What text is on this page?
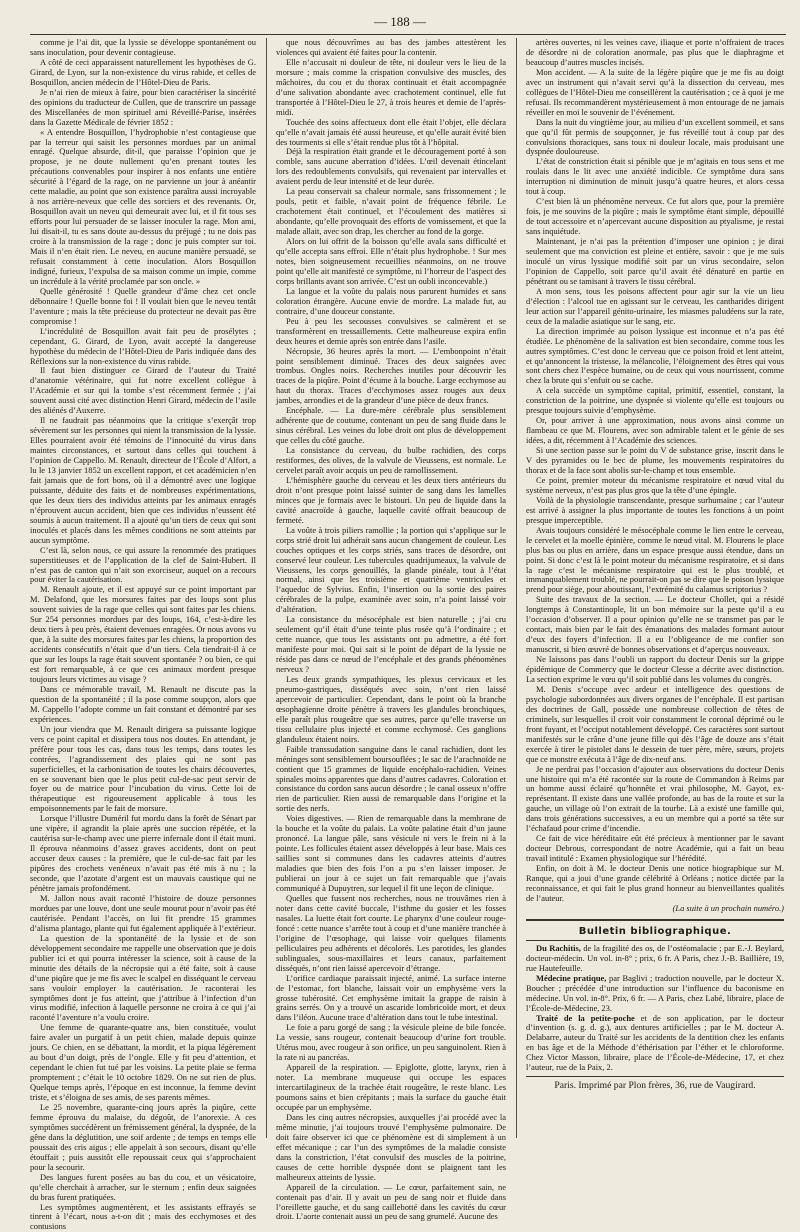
— 188 —

comme je l’ai dit, que la lyssie se développe spontanément ou sans inoculation, pour devenir contagieuse.

A côté de ceci apparaissent naturellement les hypothèses de G. Girard, de Lyon, sur la non-existence du virus rabide, et celles de Bosquillon, ancien médecin de l’Hôtel-Dieu de Paris.

Je n’ai rien de mieux à faire, pour bien caractériser la sincérité des opinions du traducteur de Cullen, que de transcrire un passage des Miscellanées de mon spirituel ami Réveillé-Parise, insérées dans la Gazette Médicale de février 1852 :

« A entendre Bosquillon, l’hydrophobie n’est contagieuse que par la terreur qui saisit les personnes mordues par un animal enragé. Quelque absurde, dit-il, que paraisse l’opinion que je propose, je ne doute nullement qu’en prenant toutes les précautions convenables pour inspirer à nos enfants une entière sécurité à l’égard de la rage, on ne parvienne un jour à anéantir cette maladie, au point que son existence paraîtra aussi incroyable à nos arrière-neveux que celle des sorciers et des revenants. Or, Bosquillon avait un neveu qui demeurait avec lui, et il fit tous ses efforts pour lui persuader de se laisser inoculer la rage. Mon ami, lui disait-il, tu es sans doute au-dessus du préjugé ; tu ne dois pas croire à la transmission de la rage ; donc je puis compter sur toi. Mais il n’en était rien. Le neveu, en aucune manière persuadé, se refusait constamment à cette inoculation. Alors Bosquillon indigné, furieux, l’expulsa de sa maison comme un impie, comme un incrédule à la vérité proclamée par son oncle. »

Quelle générosité ! Quelle grandeur d’âme chez cet oncle débonnaire ! Quelle bonne foi ! Il voulait bien que le neveu tentât l’aventure ; mais la tête précieuse du protecteur ne devait pas être compromise !

L’incrédulité de Bosquillon avait fait peu de prosélytes ; cependant, G. Girard, de Lyon, avait accepté la dangereuse hypothèse du médecin de l’Hôtel-Dieu de Paris indiquée dans des Réflexions sur la non-existence du virus rabide.

Il faut bien distinguer ce Girard de l’auteur du Traité d’anatomie vétérinaire, qui fut notre excellent collègue à l’Académie et sur qui la tombe s’est récemment fermée ; j’ai souvent aussi cité avec distinction Henri Girard, médecin de l’asile des aliénés d’Auxerre.

Il ne faudrait pas néanmoins que la critique s’exerçât trop sévèrement sur les personnes qui nient la transmission de la lyssie. Elles pourraient avoir été témoins de l’innocuité du virus dans maintes circonstances, et surtout dans celles qui touchent à l’opinion de Cappello. M. Renault, directeur de l’École d’Alfort, a lu le 13 janvier 1852 un excellent rapport, et cet académicien n’en fait jamais que de fort bons, où il a démontré avec une logique puissante, déduite des faits et de nombreuses expérimentations, que les deux tiers des individus atteints par les animaux enragés n’éprouvent aucun accident, bien que ces individus n’eussent été soumis à aucun traitement. Il a ajouté qu’un tiers de ceux qui sont inoculés et placés dans les mêmes conditions ne sont atteints par aucun symptôme.

C’est là, selon nous, ce qui assure la renommée des pratiques superstitieuses et de l’application de la clef de Saint-Hubert. Il n’est pas de canton qui n’ait son exorciseur, auquel on a recours pour éviter la cautérisation.

M. Renault ajoute, et il est appuyé sur ce point important par M. Delafond, que les morsures faites par des loups sont plus souvent suivies de la rage que celles qui sont faites par les chiens. Sur 254 personnes mordues par des loups, 164, c’est-à-dire les deux tiers à peu près, étaient devenues enragées. Or nous avons vu que, à la suite des morsures faites par les chiens, la proportion des accidents consécutifs n’était que d’un tiers. Cela tiendrait-il à ce que sur les loups la rage était souvent spontanée ? ou bien, ce qui est fort remarquable, à ce que ces animaux mordent presque toujours leurs victimes au visage ?

Dans ce mémorable travail, M. Renault ne discute pas la question de la spontanéité ; il la pose comme soupçon, alors que M. Cappello l’adopte comme un fait constant et démontré par ses expériences.

Un jour viendra que M. Renault dirigera sa puissante logique vers ce point capital et dissipera tous nos doutes. En attendant, je préfère pour tous les cas, dans tous les temps, dans toutes les contrées, l’agrandissement des plaies qui ne sont pas superficielles, et la carbonisation de toutes les chairs découvertes, en se souvenant bien que le plus petit cul-de-sac peut servir de foyer ou de matrice pour l’incubation du virus. Cette loi de thérapeutique est rigoureusement applicable à tous les empoisonnements par le fait de morsure.

Lorsque l’illustre Duméril fut mordu dans la forêt de Sénart par une vipère, il agrandit la plaie après une succion répétée, et la cautérisa sur-le-champ avec une pierre infernale dont il était muni. Il éprouva néanmoins d’assez graves accidents, dont on peut accuser deux causes : la première, que le cul-de-sac fait par les pipûres des crochets venéneux n’avait pas été mis à nu ; la seconde, que l’azotate d’argent est un mauvais caustique qui ne pénètre jamais profondément.

M. Jallon nous avait raconté l’histoire de douze personnes mordues par une louve, dont une seule mourut pour n’avoir pas été cautérisée. Pendant l’accès, on lui fit prendre 15 grammes d’alisma plantago, plante qui fut également appliquée à l’extérieur.

La question de la spontanéité de la lyssie et de son développement secondaire me rappelle une observation que je dois publier ici et qui pourra intéresser la science, soit à cause de la minutie des détails de la nécropsie qui a été faite, soit à cause d’une piqûre que je me fis avec le scalpel en disséquant le cerveau sans vouloir employer la cautérisation. Je raconterai les symptômes dont je fus atteint, que j’attribue à l’infection d’un virus modifié, infection à laquelle personne ne croira à ce qui j’ai raconté l’aventure n’a voulu croire.

Une femme de quarante-quatre ans, bien constituée, voulut faire avaler un purgatif à un petit chien, malade depuis quinze jours. Ce chien, en se débattant, la mordit, et la piqua légèrement au bout d’un doigt, près de l’ongle. Elle y fit peu d’attention, et cependant le chien fut tué par les voisins. La petite plaie se ferma promptement ; c’était le 10 octobre 1829. On ne sut rien de plus. Quelque temps après, l’époque en est inconnue, la femme devint triste, et s’éloigna de ses amis, de ses parents mêmes.

Le 25 novembre, quarante-cinq jours après la piqûre, cette femme éprouva du malaise, du dégoût, de l’anorexie. A ces symptômes succédèrent un frémissement général, la dyspnée, de la gêne dans la déglutition, une soif ardente ; de temps en temps elle poussait des cris aigus ; elle appelait à son secours, disant qu’elle étouffait ; puis aussitôt elle repoussait ceux qui s’approchaient pour la secourir.

Des langues furent posées au bas du cou, et un vésicatoire, qu’elle cherchait à arracher, sur le sternum ; enfin deux saignées du bras furent pratiquées.

Les symptômes augmentèrent, et les assistants effrayés se tinrent à l’écart, nous a-t-on dit ; mais des ecchymoses et des contusions

que nous découvrîmes au bas des jambes attestèrent les violences qui avaient été faites pour la contenir.

Elle n’accusait ni douleur de tête, ni douleur vers le lieu de la morsure ; mais comme la crispation convulsive des muscles, des mâchoires, du cou et du thorax continuait et était accompagnée d’une salivation abondante avec crachotement continuel, elle fut transportée à l’Hôtel-Dieu le 27, à trois heures et demie de l’après-midi.

Touchée des soins affectueux dont elle était l’objet, elle déclara qu’elle n’avait jamais été aussi heureuse, et qu’elle aurait évité bien des tourments si elle s’était rendue plus tôt à l’hôpital.

Déjà la respiration était grande et le découragement porté à son comble, sans aucune aberration d’idées. L’œil devenait étincelant lors des redoublements convulsifs, qui revenaient par intervalles et avaient perdu de leur intensité et de leur durée.

La peau conservait sa chaleur normale, sans frissonnement ; le pouls, petit et faible, n’avait point de fréquence fébrile. Le crachotement était continuel, et l’écoulement des matières si abondante, qu’elle provoquait des efforts de vomissement, et que la malade allait, avec son drap, les chercher au fond de la gorge.

Alors on lui offrit de la boisson qu’elle avala sans difficulté et qu’elle accepta sans effroi. Elle n’était plus hydrophobe. ! Sur mes notes, bien soigneusement recueillies néanmoins, on ne trouve point qu’elle ait manifesté ce symptôme, ni l’horreur de l’aspect des corps brillants avant son arrivée. C’est un oubli inconcevable.)

La langue et la voûte du palais nous parurent humides et sans coloration étrangère. Aucune envie de mordre. La malade fut, au contraire, d’une douceur constante.

Peu à peu les secousses convulsives se calmèrent et se transformèrent en tressaillements. Cette malheureuse expira enfin deux heures et demie après son entrée dans l’asile.

Nécropsie, 36 heures après la mort. — L’embonpoint n’était point sensiblement diminué. Traces des deux saignées avec trombus. Ongles noirs. Recherches inutiles pour découvrir les traces de la piqûre. Point d’écume à la bouche. Large ecchymose au haut du thorax. Traces d’ecchymoses assez rouges aux deux jambes, arrondies et de la grandeur d’une pièce de deux francs.

Encéphale. — La dure-mère cérébrale plus sensiblement adhérente que de coutume, contenant un peu de sang fluide dans le sinus cérébral. Les veines du lobe droit ont plus de développement que celles du côté gauche.

La consistance du cerveau, du bulbe rachidien, des corps restiformes, des olives, de la valvule de Vieussens, est normale. Le cervelet paraît avoir acquis un peu de ramollissement.

L’hémisphère gauche du cerveau et les deux tiers antérieurs du droit n’ont presque point laissé suinter de sang dans les lamelles minces que je formais avec le bistouri. Un peu de liquide dans la cavité anacroïde à gauche, laquelle cavité offrait beaucoup de fermeté.

La voûte à trois piliers ramollie ; la portion qui s’applique sur le corps strié droit lui adhérait sans aucun changement de couleur. Les couches optiques et les corps striés, sans traces de désordre, ont conservé leur couleur. Les tubercules quadrijumeaux, la valvule de Vieussens, les corps genouillés, la glande pinéale, tout à l’état normal, ainsi que les troisième et quatrième ventricules et l’aqueduc de Sylvius. Enfin, l’insertion ou la sortie des paires cérébrales de la pulpe, examinée avec soin, n’a point laissé voir d’altération.

La consistance du mésocéphale est bien naturelle ; j’ai cru seulement qu’il était d’une teinte plus rosée qu’à l’ordinaire ; et cette nuance, que tous les assistants ont pu admettre, a été fort manifeste pour moi. Qui sait si le point de départ de la lyssie ne réside pas dans ce nœud de l’encéphale et des grands phénomènes nerveux ?

Les deux grands sympathiques, les plexus cervicaux et les pneumo-gastriques, disséqués avec soin, n’ont rien laissé apercevoir de particulier. Cependant, dans le point où la branche œsophagienne droite pénètre à travers les glandules bronchiques, elle paraît plus rougeâtre que ses autres, parce qu’elle traverse un tissu cellulaire plus injecté et comme ecchymosé. Ces ganglions glanduleux étaient noirs.

Faible transsudation sanguine dans le canal rachidien, dont les méninges sont sensiblement boursouflées ; le sac de l’arachnoïde ne contient que 15 grammes de liquide encéphalo-rachidien. Veines spinales moins apparentes que dans d’autres cadavres. Coloration et consistance du cordon sans aucun désordre ; le canal osseux n’offre rien de particulier. Rien aussi de remarquable dans l’origine et la sortie des nerfs.

Voies digestives. — Rien de remarquable dans la membrane de la bouche et la voûte du palais. La voûte palatine était d’un jaune prononcé. La langue pâle, sans vésicule ni vers le frein ni à la pointe. Les follicules étaient assez développés à leur base. Mais ces saillies sont si communes dans les cadavres atteints d’autres maladies que bien des fois l’on a pu s’en laisser imposer. Je publierai un jour à ce sujet un fait remarquable que j’avais communiqué à Dupuytren, sur lequel il fit une leçon de clinique.

Quelles que fussent nos recherches, nous ne trouvâmes rien à noter dans cette cavité buccale, l’isthme du gosier et les fosses nasales. La luette était fort courte. Le pharynx d’une couleur rouge-foncé : cette nuance s’arrête tout à coup et d’une manière tranchée à l’origine de l’œsophage, qui laisse voir quelques filaments pelliculaires peu adhérents et décolorés. Les parotides, les glandes sublinguales, sous-maxillaires et leurs canaux, parfaitement disséqués, n’ont rien laissé apercevoir d’étrange.

L’orifice cardiaque paraissait injecté, animé. La surface interne de l’estomac, fort blanche, laissait voir un emphysème vers la grosse tubérosité. Cet emphysème imitait la grappe de raisin à grains serrés. On y a trouvé un ascaride lombricoïde mort, et deux dans l’iléon. Aucune trace d’altération dans tout le tube intestinal.

Le foie a paru gorgé de sang ; la vésicule pleine de bile foncée. La vessie, sans rougeur, contenait beaucoup d’urine fort trouble. Utérus mou, avec rougeur à son orifice, un peu sanguinolent. Rien à la rate ni au pancréas.

Appareil de la respiration. — Epiglotte, glotte, larynx, rien à noter. La membrane muqueuse qui occupe les espaces intercartilagineux de la trachée était rougeâtre, le reste blanc. Les poumons sains et bien crépitants ; mais la surface du gauche était occupée par un emphysème.

Dans les cinq autres nécropsies, auxquelles j’ai procédé avec la même minutie, j’ai toujours trouvé l’emphysème pulmonaire. De doit faire observer ici que ce phénomène est di simplement à un effet mécanique ; car l’un des symptômes de la maladie consiste dans la constriction, l’état convulsif des muscles de la poitrine, causes de cette horrible dyspnée dont se plaignent tant les malheureux atteints de lyssie.

Appareil de la circulation. — Le cœur, parfaitement sain, ne contenait pas d’air. Il y avait un peu de sang noir et fluide dans l’oreillette gauche, et du sang caillebotté dans les cavités du cœur droit. L’aorte contenait aussi un peu de sang grumelé. Aucune des

artères ouvertes, ni les veines cave, iliaque et porte n’offraient de traces de désordre ni de coloration anormale, pas plus que le diaphragme et beaucoup d’autres muscles incisés.

Mon accident. — A la suite de la légère piqûre que je me fis au doigt avec un instrument qui n’avait servi qu’à la dissection du cerveau, mes collègues de l’Hôtel-Dieu me conseillèrent la cautérisation ; ce à quoi je me refusai. Ils recommandèrent mystérieusement à mon entourage de ne jamais réveiller en moi le souvenir de l’événement.

Dans la nuit du vingtième jour, au milieu d’un excellent sommeil, et sans que qu’il fût permis de soupçonner, je fus réveillé tout à coup par des convulsions thoraciques, sans toux ni douleur locale, mais produisant une dyspnée douloureuse.

L’état de constriction était si pénible que je m’agitais en tous sens et me roulais dans le lit avec une anxiété indicible. Ce symptôme dura sans interruption ni diminution de minuit jusqu’à quatre heures, et alors cessa tout à coup.

C’est bien là un phénomène nerveux. Ce fut alors que, pour la première fois, je me souvins de la piqûre ; mais le symptôme étant simple, dépouillé de tout accessoire et n’apercevant aucune disposition au ptyalisme, je restai sans inquiétude.

Maintenant, je n’ai pas la prétention d’imposer une opinion ; je dirai seulement que ma conviction est pleine et entière, savoir : que je me suis inoculé un virus lyssique modifié soit par un virus secondaire, selon l’opinion de Cappello, soit parce qu’il avait été dénaturé en partie en pénétrant ou se tamisant à travers le tissu cérébral.

A mon sens, tous les poisons affectent pour agir sur la vie un lieu d’élection : l’alcool tue en agissant sur le cerveau, les cantharides dirigent leur action sur l’appareil génito-urinaire, les miasmes paludéens sur la rate, ceux de la maladie asiatique sur le sang, etc.

La direction imprimée au poison lyssique est inconnue et n’a pas été étudiée. Le phénomène de la salivation est bien secondaire, comme tous les autres symptômes. C’est donc le cerveau que ce poison froid et lent atteint, et qu’annoncent la tristesse, la mélancolie, l’éloignement des êtres qui vous sont chers chez l’espèce humaine, ou de ceux qui vous nourrissent, comme chez la brute qui s’enfuit ou se cache.

A cela succède un symptôme capital, primitif, essentiel, constant, la constriction de la poitrine, une dyspnée si violente qu’elle est toujours ou presque toujours suivie d’emphysème.

Or, pour arriver à une approximation, nous avons ainsi comme un flambeau ce que M. Flourens, avec son admirable talent et le génie de ses idées, a dit, récemment à l’Académie des sciences.

Si une section passe sur le point du V de substance grise, inscrit dans le V des pyramides ou le bec de plume, les mouvements respiratoires du thorax et de la face sont abolis sur-le-champ et tous ensemble.

Ce point, premier moteur du mécanisme respiratoire et nœud vital du système nerveux, n’est pas plus gros que la tête d’une épingle.

Voilà de la physiologie transcendante, presque surhumaine ; car l’auteur est arrivé à assigner la plus importante de toutes les fonctions à un point presque imperceptible.

Avais toujours considéré le mésocéphale comme le lien entre le cerveau, le cervelet et la moelle épinière, comme le nœud vital. M. Flourens le place plus bas ou plus en arrière, dans un espace presque aussi étendue, dans un point. Si donc c’est là le point moteur du mécanisme respiratoire, et si dans la rage c’est le mécanisme respiratoire qui est le plus troublé, et immanquablement troublé, ne pourrait-on pas se dire que le poison lyssique prend pour siège, pour aboutissant, l’extrémité du calamus scriptorius ?

Suite des travaux de la section. — Le docteur Chollet, qui a résidé longtemps à Constantinople, lit un bon mémoire sur la peste qu’il a eu l’occasion d’observer. Il a pour opinion qu’elle ne se transmet pas par le contact, mais bien par le fait des émanations des malades formant autour d’eux des foyers d’infection. Il a eu l’obligeance de me confier son manuscrit, si bien œuvré de bonnes observations et d’aperçus nouveaux.

Ne laissons pas dans l’oubli un rapport du docteur Denis sur la grippe épidémique de Commercy que le docteur Clesse a décrite avec distinction. La section exprime le vœu qu’il soit publié dans les volumes du congrès.

M. Denis s’occupe avec ardeur et intelligence des questions de psychologie subordonnées aux divers organes de l’encéphale. Il est partisan des doctrines de Gall, possède une nombreuse collection de têtes de criminels, sur lesquelles il croit voir constamment le coronal déprimé ou le front fuyant, et l’occiput notablement développé. Ces caractères sont surtout manifestés sur le crâne d’une jeune fille qui dès l’âge de douze ans s’était exercée à tirer le pistolet dans le dessein de tuer père, mère, sœurs, projets que ce monstre exécuta à l’âge de dix-neuf ans.

Je ne perdrai pas l’occasion d’ajouter aux observations du docteur Denis une histoire qui m’a été racontée sur la route de Commandon à Reims par un homme aussi éclairé qu’honnête et vrai philosophe, M. Gayot, ex-représentant. Il existe dans une vallée profonde, au bas de la route et sur la gauche, un village où l’on extrait de la tourbe. Là a existé une famille qui, dans trois générations successives, a eu un membre qui a porté sa tête sur l’échafaud pour crime d’incendie.

Ce fait de vice héréditaire eût été précieux à mentionner par le savant docteur Debrous, correspondant de notre Académie, qui a fait un beau travail intitulé : Examen physiologique sur l’hérédité.

Enfin, on doit à M. le docteur Denis une notice biographique sur M. Ranque, qui a joui d’une grande célébrité à Orléans ; notice dictée par la reconnaissance, et qui fait le plus grand honneur au bienveillantes qualités de l’auteur.

(La suite à un prochain numéro.)

Bulletin bibliographique.

Du Rachitis, de la fragilité des os, de l’ostéomalacie ; par E.-J. Beylard, docteur-médecin. Un vol. in-8° ; prix, 6 fr. A Paris, chez J.-B. Baillière, 19, rue Hautefeuille.

Médecine pratique, par Baglivi ; traduction nouvelle, par le docteur X. Boucher ; précédée d’une introduction sur l’influence du baconisme en médecine. Un vol. in-8°. Prix, 6 fr. — A Paris, chez Labé, libraire, place de l’École-de-Médecine, 23.

Traité de la petite-poche et de son application, par le docteur d’invention (s. g. d. g.), aux dentures artificielles ; par le M. docteur A. Delabarre, auteur du Traité sur les accidents de la dentition chez les enfants en bas âge et de la Méthode d’éthérisation par l’éther et le chloroforme. Chez Victor Masson, libraire, place de l’École-de-Médecine, 17, et chez l’auteur, rue de la Paix, 2.

Paris. Imprimé par Plon frères, 36, rue de Vaugirard.
